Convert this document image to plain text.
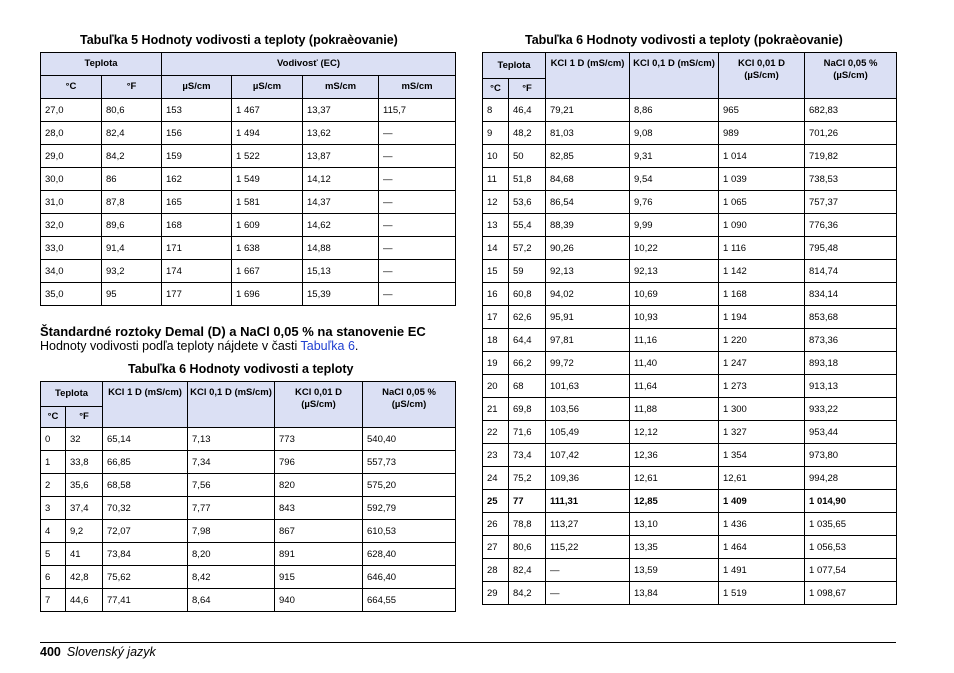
Tabuľka 5 Hodnoty vodivosti a teploty (pokraèovanie)
Teplota		Vodivosť (EC)			
°C	°F	µS/cm	µS/cm	mS/cm	mS/cm
27,0	80,6	153	1 467	13,37	115,7
28,0	82,4	156	1 494	13,62	—
29,0	84,2	159	1 522	13,87	—
30,0	86	162	1 549	14,12	—
31,0	87,8	165	1 581	14,37	—
32,0	89,6	168	1 609	14,62	—
33,0	91,4	171	1 638	14,88	—
34,0	93,2	174	1 667	15,13	—
35,0	95	177	1 696	15,39	—
Štandardné roztoky Demal (D) a NaCl 0,05 % na stanovenie EC
Hodnoty vodivosti podľa teploty nájdete v časti Tabuľka 6.
Tabuľka 6 Hodnoty vodivosti a teploty
Teplota		KCl 1 D (mS/cm)	KCl 0,1 D (mS/cm)	KCl 0,01 D (µS/cm)	NaCl 0,05 % (µS/cm)
°C	°F				
0	32	65,14	7,13	773	540,40
1	33,8	66,85	7,34	796	557,73
2	35,6	68,58	7,56	820	575,20
3	37,4	70,32	7,77	843	592,79
4	9,2	72,07	7,98	867	610,53
5	41	73,84	8,20	891	628,40
6	42,8	75,62	8,42	915	646,40
7	44,6	77,41	8,64	940	664,55
Tabuľka 6 Hodnoty vodivosti a teploty (pokraèovanie)
Teplota		KCl 1 D (mS/cm)	KCl 0,1 D (mS/cm)	KCl 0,01 D (µS/cm)	NaCl 0,05 % (µS/cm)
°C	°F				
8	46,4	79,21	8,86	965	682,83
9	48,2	81,03	9,08	989	701,26
10	50	82,85	9,31	1 014	719,82
11	51,8	84,68	9,54	1 039	738,53
12	53,6	86,54	9,76	1 065	757,37
13	55,4	88,39	9,99	1 090	776,36
14	57,2	90,26	10,22	1 116	795,48
15	59	92,13	92,13	1 142	814,74
16	60,8	94,02	10,69	1 168	834,14
17	62,6	95,91	10,93	1 194	853,68
18	64,4	97,81	11,16	1 220	873,36
19	66,2	99,72	11,40	1 247	893,18
20	68	101,63	11,64	1 273	913,13
21	69,8	103,56	11,88	1 300	933,22
22	71,6	105,49	12,12	1 327	953,44
23	73,4	107,42	12,36	1 354	973,80
24	75,2	109,36	12,61	12,61	994,28
25	77	111,31	12,85	1 409	1 014,90
26	78,8	113,27	13,10	1 436	1 035,65
27	80,6	115,22	13,35	1 464	1 056,53
28	82,4	—	13,59	1 491	1 077,54
29	84,2	—	13,84	1 519	1 098,67
400 Slovenský jazyk
